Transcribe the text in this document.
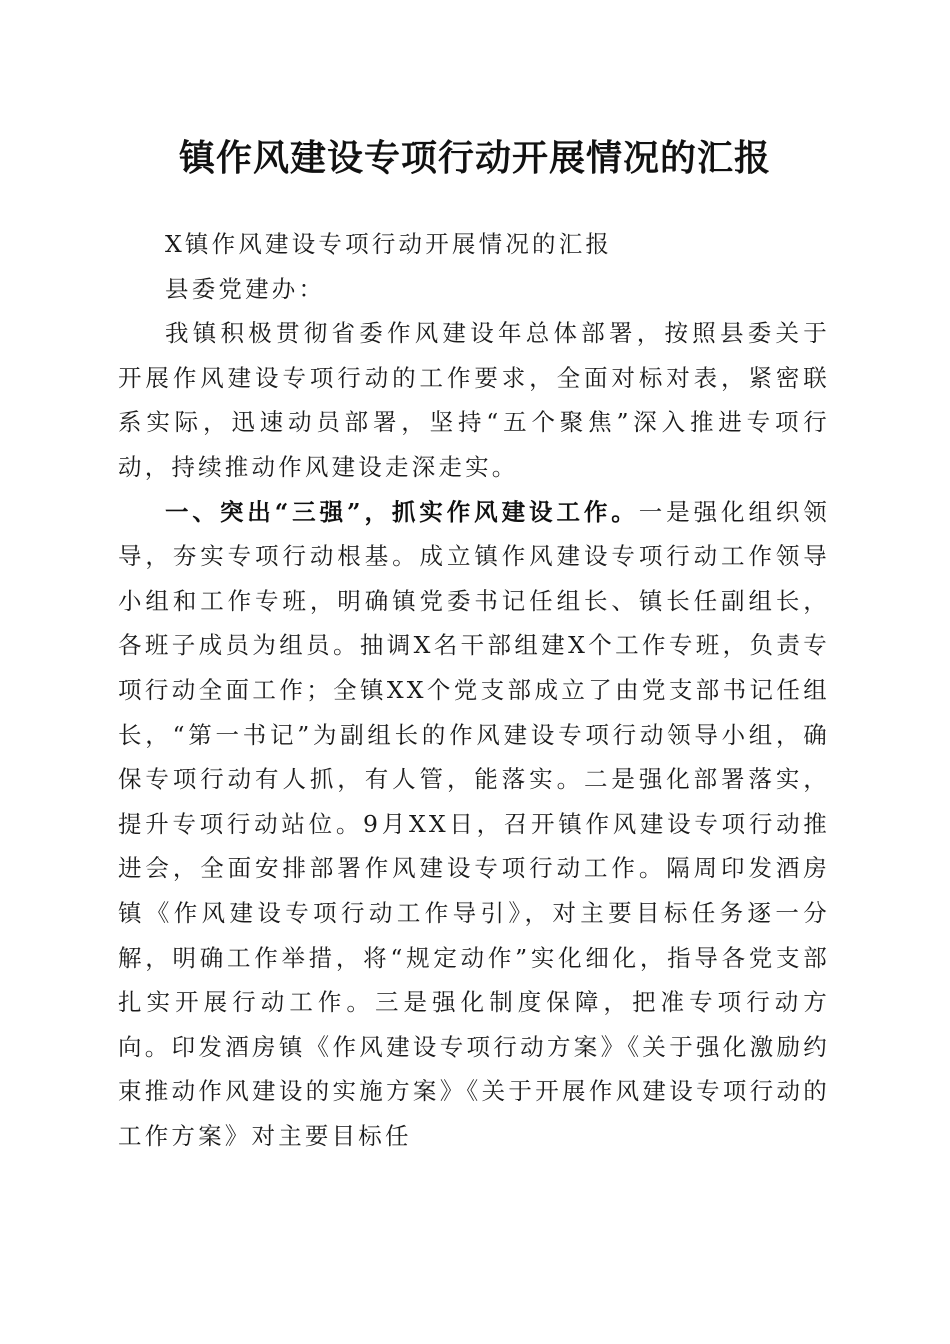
镇作风建设专项行动开展情况的汇报

X镇作风建设专项行动开展情况的汇报

县委党建办：

我镇积极贯彻省委作风建设年总体部署，按照县委关于开展作风建设专项行动的工作要求，全面对标对表，紧密联系实际，迅速动员部署，坚持“五个聚焦”深入推进专项行动，持续推动作风建设走深走实。

一、突出“三强”，抓实作风建设工作。一是强化组织领导，夯实专项行动根基。成立镇作风建设专项行动工作领导小组和工作专班，明确镇党委书记任组长、镇长任副组长，各班子成员为组员。抽调X名干部组建X个工作专班，负责专项行动全面工作；全镇XX个党支部成立了由党支部书记任组长，“第一书记”为副组长的作风建设专项行动领导小组，确保专项行动有人抓，有人管，能落实。二是强化部署落实，提升专项行动站位。9月XX日，召开镇作风建设专项行动推进会，全面安排部署作风建设专项行动工作。隔周印发酒房镇《作风建设专项行动工作导引》，对主要目标任务逐一分解，明确工作举措，将“规定动作”实化细化，指导各党支部扎实开展行动工作。三是强化制度保障，把准专项行动方向。印发酒房镇《作风建设专项行动方案》《关于强化激励约束推动作风建设的实施方案》《关于开展作风建设专项行动的工作方案》对主要目标任
